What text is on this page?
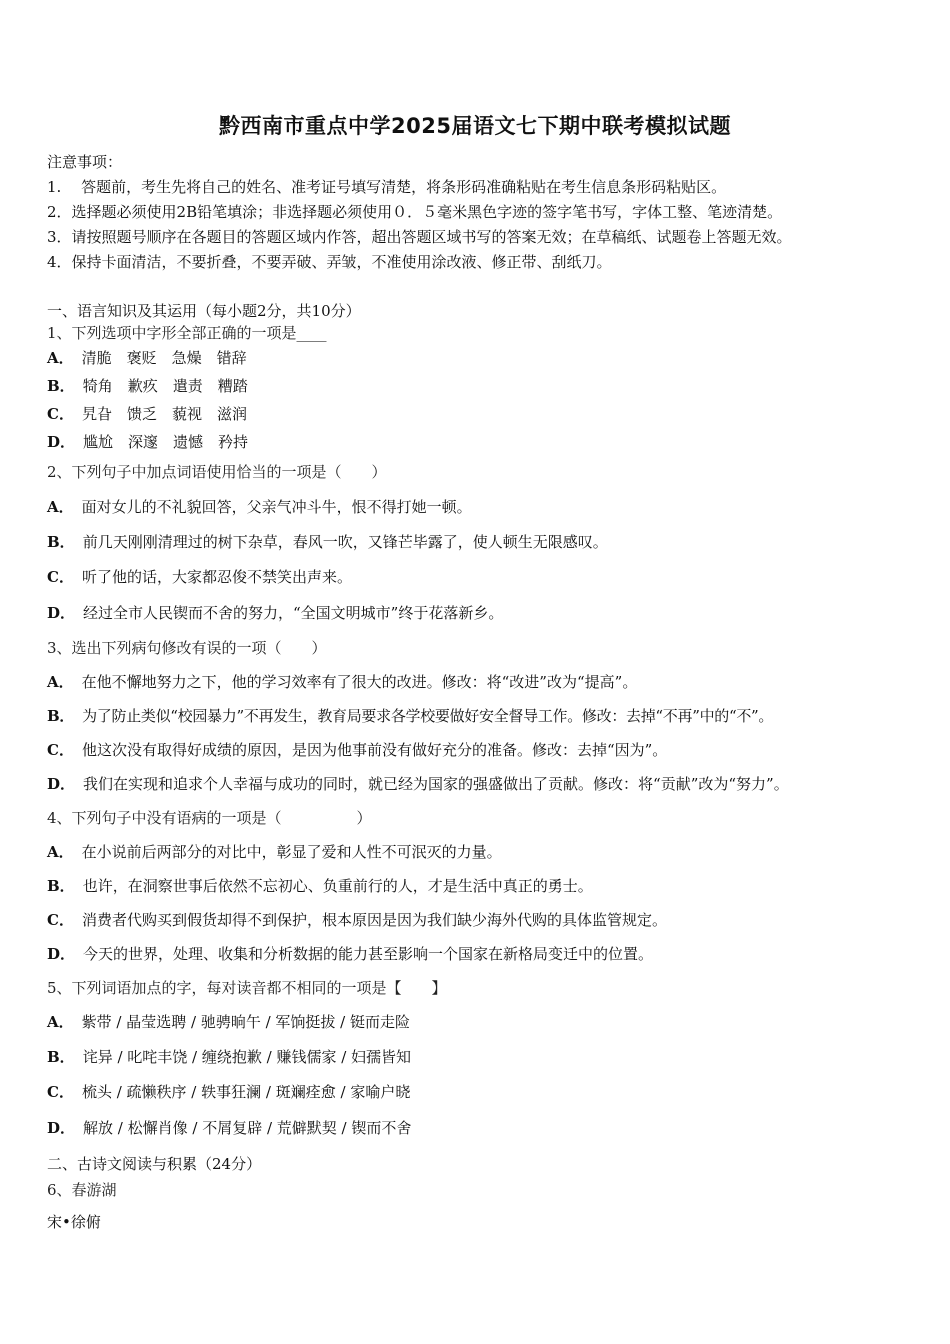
黔西南市重点中学2025届语文七下期中联考模拟试题
注意事项：
1.　 答题前，考生先将自己的姓名、准考证号填写清楚，将条形码准确粘贴在考生信息条形码粘贴区。
2．选择题必须使用2B铅笔填涂；非选择题必须使用０．５毫米黑色字迹的签字笔书写，字体工整、笔迹清楚。
3．请按照题号顺序在各题目的答题区域内作答，超出答题区域书写的答案无效；在草稿纸、试题卷上答题无效。
4．保持卡面清洁，不要折叠，不要弄破、弄皱，不准使用涂改液、修正带、刮纸刀。
一、语言知识及其运用（每小题2分，共10分）
1、下列选项中字形全部正确的一项是____
A． 清脆　褒贬　急燥　错辞
B． 犄角　歉疚　遣责　糟踏
C． 旯旮　馈乏　藐视　滋润
D． 尴尬　深邃　遗憾　矜持
2、下列句子中加点词语使用恰当的一项是（　　）
A． 面对女儿的不礼貌回答，父亲气冲斗牛，恨不得打她一顿。
B． 前几天刚刚清理过的树下杂草，春风一吹，又锋芒毕露了，使人顿生无限感叹。
C． 听了他的话，大家都忍俊不禁笑出声来。
D． 经过全市人民锲而不舍的努力，“全国文明城市”终于花落新乡。
3、选出下列病句修改有误的一项（　　）
A． 在他不懈地努力之下，他的学习效率有了很大的改进。修改：将“改进”改为“提高”。
B． 为了防止类似“校园暴力”不再发生，教育局要求各学校要做好安全督导工作。修改：去掉“不再”中的“不”。
C． 他这次没有取得好成绩的原因，是因为他事前没有做好充分的准备。修改：去掉“因为”。
D． 我们在实现和追求个人幸福与成功的同时，就已经为国家的强盛做出了贡献。修改：将“贡献”改为“努力”。
4、下列句子中没有语病的一项是（　　　　　）
A． 在小说前后两部分的对比中，彰显了爱和人性不可泯灭的力量。
B． 也许，在洞察世事后依然不忘初心、负重前行的人，才是生活中真正的勇士。
C． 消费者代购买到假货却得不到保护，根本原因是因为我们缺少海外代购的具体监管规定。
D． 今天的世界，处理、收集和分析数据的能力甚至影响一个国家在新格局变迁中的位置。
5、下列词语加点的字，每对读音都不相同的一项是【　　】
A． 紫带 / 晶莹选聘 / 驰骋晌午 / 军饷挺拔 / 铤而走险
B． 诧异 / 叱咤丰饶 / 缠绕抱歉 / 赚钱儒家 / 妇孺皆知
C． 梳头 / 疏懒秩序 / 轶事狂澜 / 斑斓痊愈 / 家喻户晓
D． 解放 / 松懈肖像 / 不屑复辟 / 荒僻默契 / 锲而不舍
二、古诗文阅读与积累（24分）
6、春游湖
宋•徐俯
